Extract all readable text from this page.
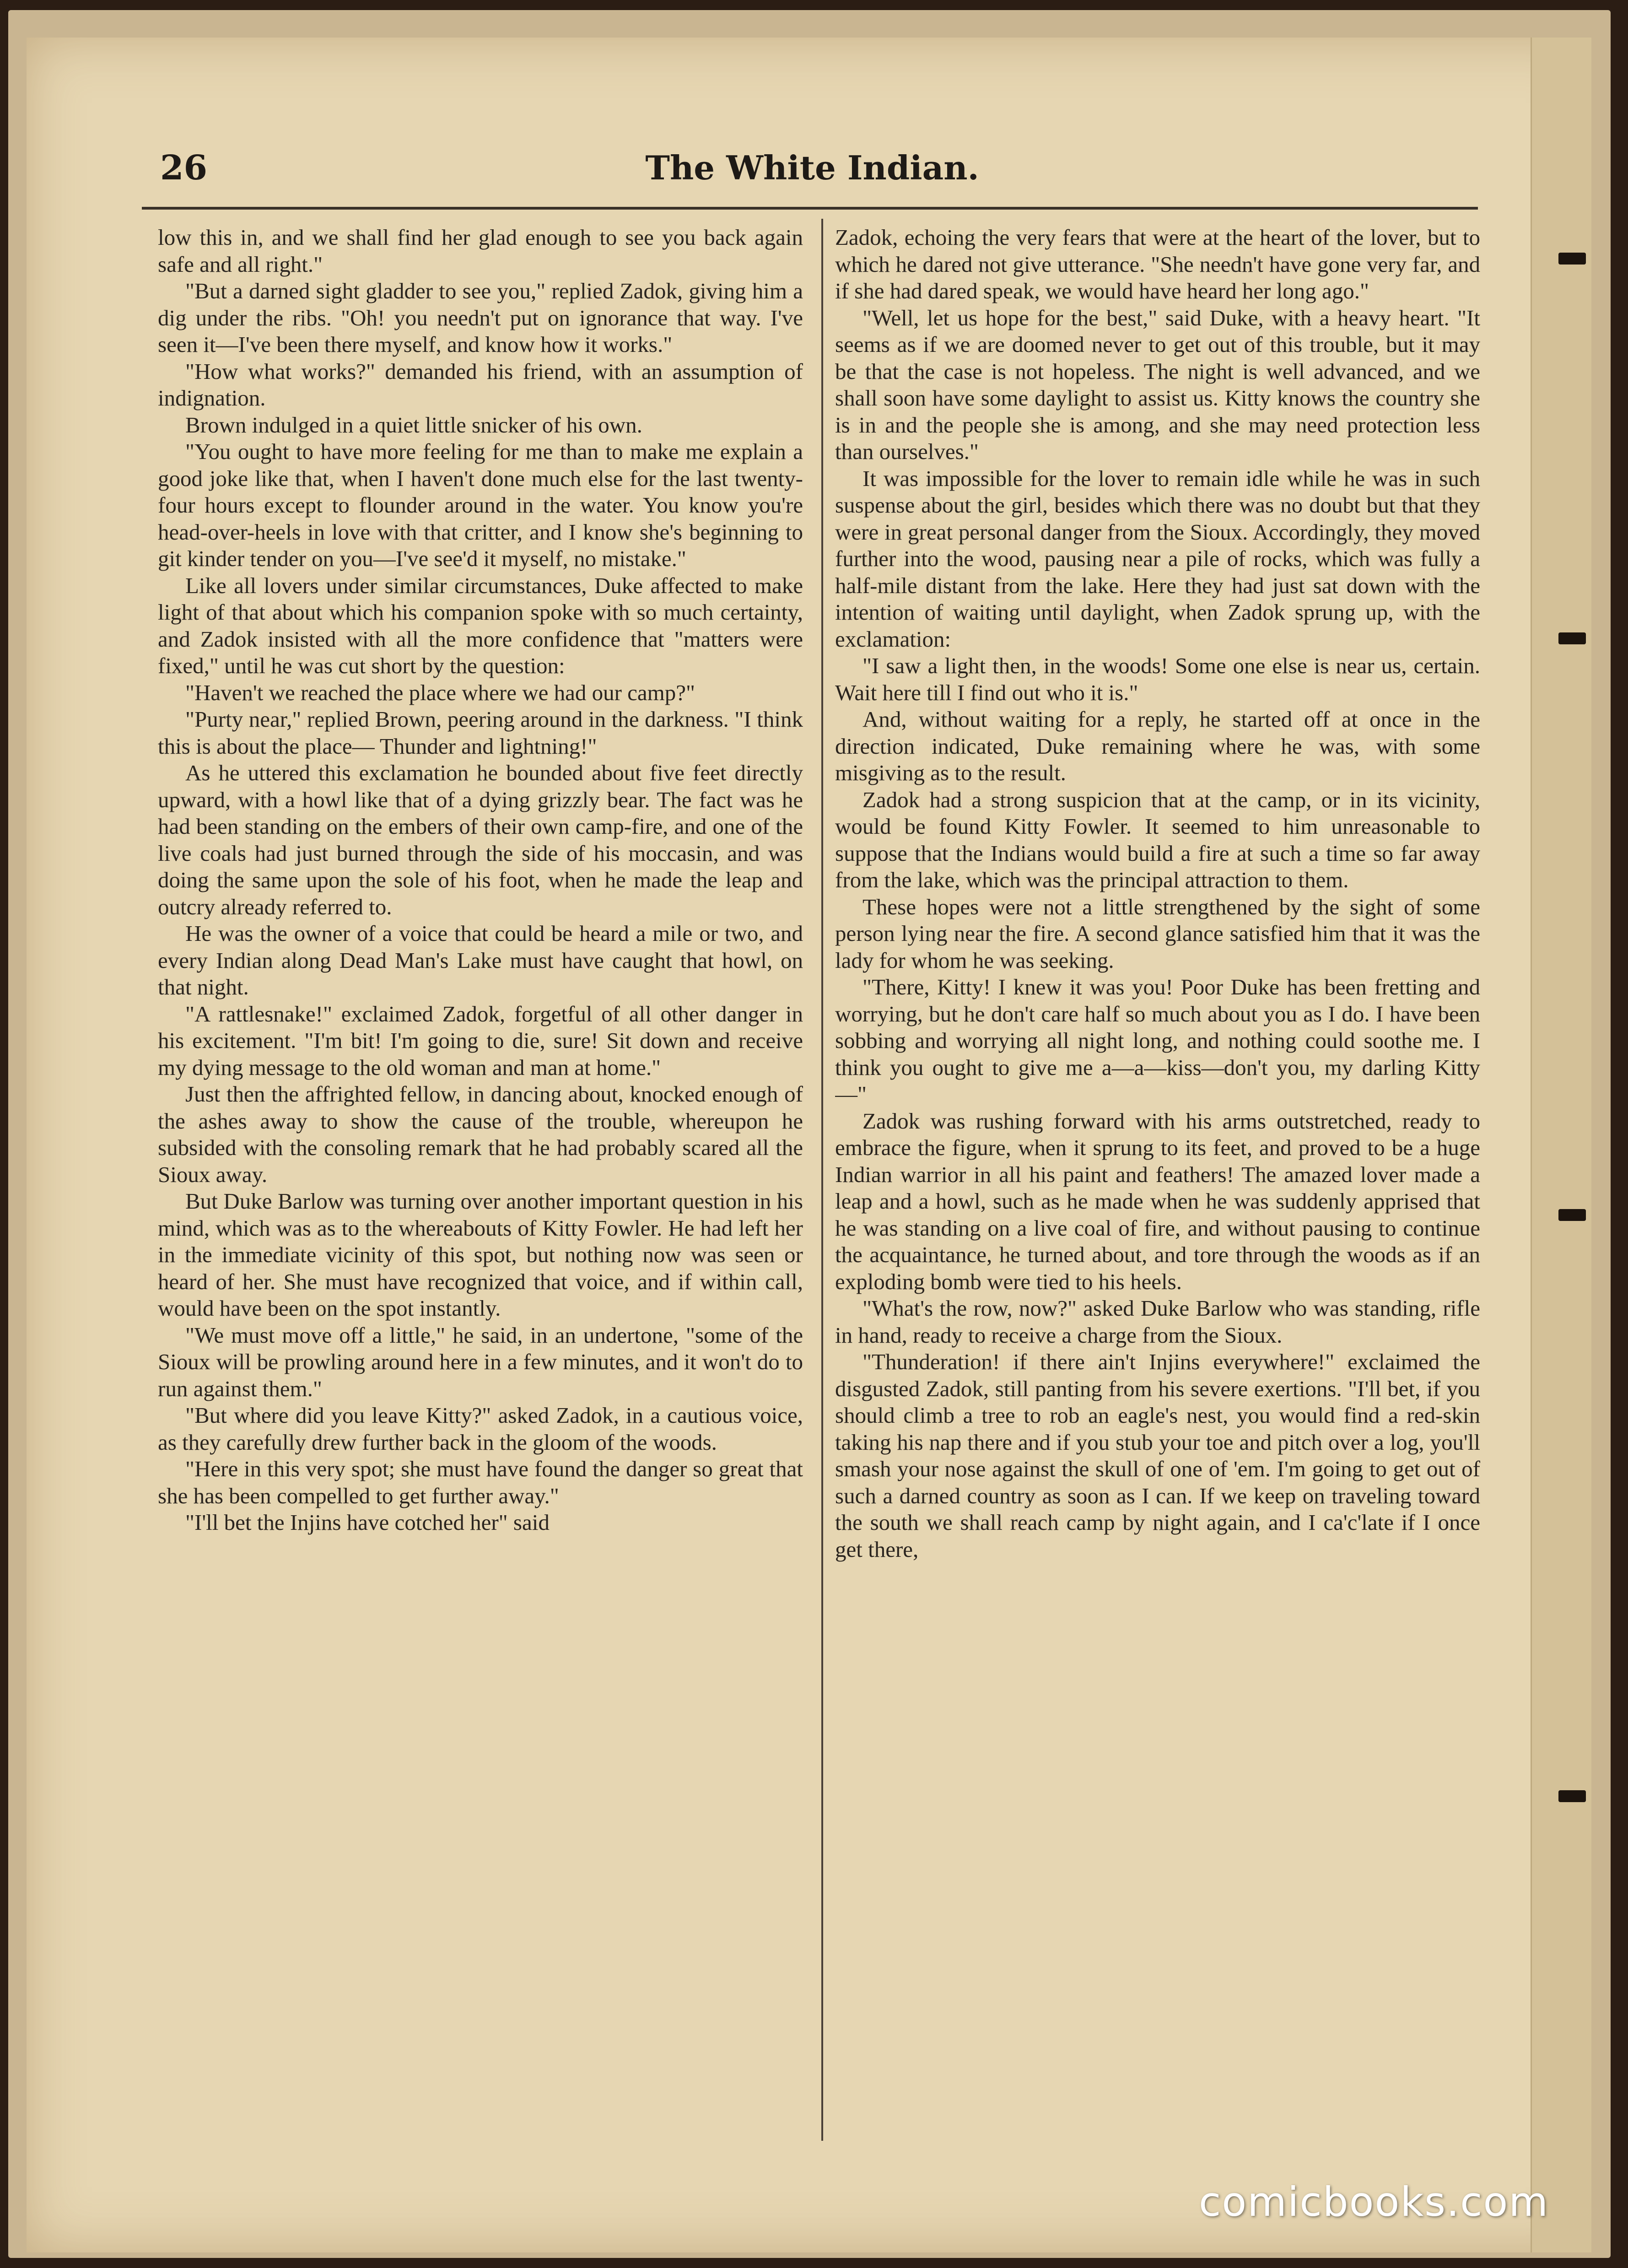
26	The White Indian.

low this in, and we shall find her glad enough to see you back again safe and all right."

"But a darned sight gladder to see you," replied Zadok, giving him a dig under the ribs. "Oh! you needn't put on ignorance that way. I've seen it—I've been there myself, and know how it works."

"How what works?" demanded his friend, with an assumption of indignation.

Brown indulged in a quiet little snicker of his own.

"You ought to have more feeling for me than to make me explain a good joke like that, when I haven't done much else for the last twenty-four hours except to flounder around in the water. You know you're head-over-heels in love with that critter, and I know she's beginning to git kinder tender on you—I've see'd it myself, no mistake."

Like all lovers under similar circumstances, Duke affected to make light of that about which his companion spoke with so much certainty, and Zadok insisted with all the more confidence that "matters were fixed," until he was cut short by the question:

"Haven't we reached the place where we had our camp?"

"Purty near," replied Brown, peering around in the darkness. "I think this is about the place— Thunder and lightning!"

As he uttered this exclamation he bounded about five feet directly upward, with a howl like that of a dying grizzly bear. The fact was he had been standing on the embers of their own camp-fire, and one of the live coals had just burned through the side of his moccasin, and was doing the same upon the sole of his foot, when he made the leap and outcry already referred to.

He was the owner of a voice that could be heard a mile or two, and every Indian along Dead Man's Lake must have caught that howl, on that night.

"A rattlesnake!" exclaimed Zadok, forgetful of all other danger in his excitement. "I'm bit! I'm going to die, sure! Sit down and receive my dying message to the old woman and man at home."

Just then the affrighted fellow, in dancing about, knocked enough of the ashes away to show the cause of the trouble, whereupon he subsided with the consoling remark that he had probably scared all the Sioux away.

But Duke Barlow was turning over another important question in his mind, which was as to the whereabouts of Kitty Fowler. He had left her in the immediate vicinity of this spot, but nothing now was seen or heard of her. She must have recognized that voice, and if within call, would have been on the spot instantly.

"We must move off a little," he said, in an undertone, "some of the Sioux will be prowling around here in a few minutes, and it won't do to run against them."

"But where did you leave Kitty?" asked Zadok, in a cautious voice, as they carefully drew further back in the gloom of the woods.

"Here in this very spot; she must have found the danger so great that she has been compelled to get further away."

"I'll bet the Injins have cotched her" said

Zadok, echoing the very fears that were at the heart of the lover, but to which he dared not give utterance. "She needn't have gone very far, and if she had dared speak, we would have heard her long ago."

"Well, let us hope for the best," said Duke, with a heavy heart. "It seems as if we are doomed never to get out of this trouble, but it may be that the case is not hopeless. The night is well advanced, and we shall soon have some daylight to assist us. Kitty knows the country she is in and the people she is among, and she may need protection less than ourselves."

It was impossible for the lover to remain idle while he was in such suspense about the girl, besides which there was no doubt but that they were in great personal danger from the Sioux. Accordingly, they moved further into the wood, pausing near a pile of rocks, which was fully a half-mile distant from the lake. Here they had just sat down with the intention of waiting until daylight, when Zadok sprung up, with the exclamation:

"I saw a light then, in the woods! Some one else is near us, certain. Wait here till I find out who it is."

And, without waiting for a reply, he started off at once in the direction indicated, Duke remaining where he was, with some misgiving as to the result.

Zadok had a strong suspicion that at the camp, or in its vicinity, would be found Kitty Fowler. It seemed to him unreasonable to suppose that the Indians would build a fire at such a time so far away from the lake, which was the principal attraction to them.

These hopes were not a little strengthened by the sight of some person lying near the fire. A second glance satisfied him that it was the lady for whom he was seeking.

"There, Kitty! I knew it was you! Poor Duke has been fretting and worrying, but he don't care half so much about you as I do. I have been sobbing and worrying all night long, and nothing could soothe me. I think you ought to give me a—a—kiss—don't you, my darling Kitty—"

Zadok was rushing forward with his arms outstretched, ready to embrace the figure, when it sprung to its feet, and proved to be a huge Indian warrior in all his paint and feathers! The amazed lover made a leap and a howl, such as he made when he was suddenly apprised that he was standing on a live coal of fire, and without pausing to continue the acquaintance, he turned about, and tore through the woods as if an exploding bomb were tied to his heels.

"What's the row, now?" asked Duke Barlow who was standing, rifle in hand, ready to receive a charge from the Sioux.

"Thunderation! if there ain't Injins everywhere!" exclaimed the disgusted Zadok, still panting from his severe exertions. "I'll bet, if you should climb a tree to rob an eagle's nest, you would find a red-skin taking his nap there and if you stub your toe and pitch over a log, you'll smash your nose against the skull of one of 'em. I'm going to get out of such a darned country as soon as I can. If we keep on traveling toward the south we shall reach camp by night again, and I ca'c'late if I once get there,

comicbooks.com
